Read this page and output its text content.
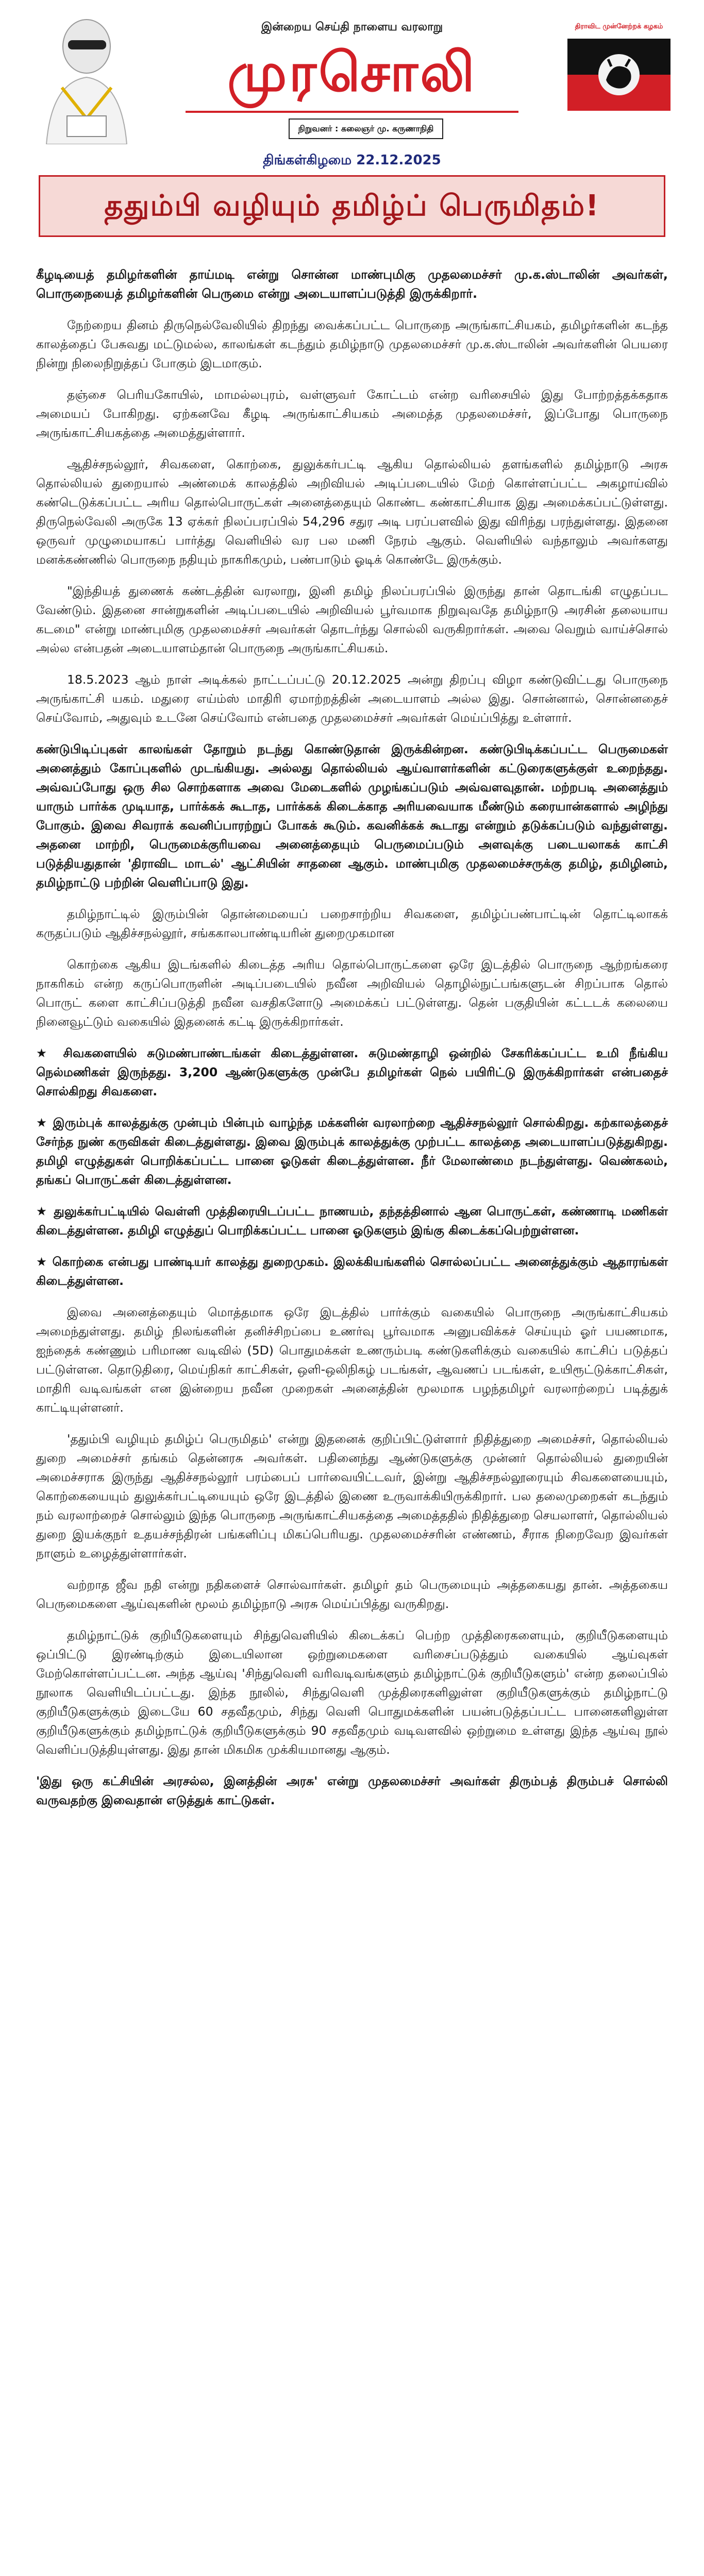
இன்றைய செய்தி நாளைய வரலாறு
முரசொலி
நிறுவனர் : கலைஞர் மு. கருணாநிதி
திராவிட முன்னேற்றக் கழகம்
திங்கள்கிழமை 22.12.2025
ததும்பி வழியும் தமிழ்ப் பெருமிதம்!

கீழடியைத் தமிழர்களின் தாய்மடி என்று சொன்ன மாண்புமிகு முதலமைச்சர் மு.க.ஸ்டாலின் அவர்கள், பொருநையைத் தமிழர்களின் பெருமை என்று அடையாளப்படுத்தி இருக்கிறார்.

நேற்றைய தினம் திருநெல்வேலியில் திறந்து வைக்கப்பட்ட பொருநை அருங்காட்சியகம், தமிழர்களின் கடந்த காலத்தைப் பேசுவது மட்டுமல்ல, காலங்கள் கடந்தும் தமிழ்நாடு முதலமைச்சர் மு.க.ஸ்டாலின் அவர்களின் பெயரை நின்று நிலைநிறுத்தப் போகும் இடமாகும்.

தஞ்சை பெரியகோயில், மாமல்லபுரம், வள்ளுவர் கோட்டம் என்ற வரிசையில் இது போற்றத்தக்கதாக அமையப் போகிறது. ஏற்கனவே கீழடி அருங்காட்சியகம் அமைத்த முதலமைச்சர், இப்போது பொருநை அருங்காட்சியகத்தை அமைத்துள்ளார்.

ஆதிச்சநல்லூர், சிவகளை, கொற்கை, துலுக்கர்பட்டி ஆகிய தொல்லியல் தளங்களில் தமிழ்நாடு அரசு தொல்லியல் துறையால் அண்மைக் காலத்தில் அறிவியல் அடிப்படையில் மேற் கொள்ளப்பட்ட அகழாய்வில் கண்டெடுக்கப்பட்ட அரிய தொல்பொருட்கள் அனைத்தையும் கொண்ட கண்காட்சியாக இது அமைக்கப்பட்டுள்ளது. திருநெல்வேலி அருகே 13 ஏக்கர் நிலப்பரப்பில் 54,296 சதுர அடி பரப்பளவில் இது விரிந்து பரந்துள்ளது. இதனை ஒருவர் முழுமையாகப் பார்த்து வெளியில் வர பல மணி நேரம் ஆகும். வெளியில் வந்தாலும் அவர்களது மனக்கண்ணில் பொருநை நதியும் நாகரிகமும், பண்பாடும் ஓடிக் கொண்டே இருக்கும்.

"இந்தியத் துணைக் கண்டத்தின் வரலாறு, இனி தமிழ் நிலப்பரப்பில் இருந்து தான் தொடங்கி எழுதப்பட வேண்டும். இதனை சான்றுகளின் அடிப்படையில் அறிவியல் பூர்வமாக நிறுவுவதே தமிழ்நாடு அரசின் தலையாய கடமை" என்று மாண்புமிகு முதலமைச்சர் அவர்கள் தொடர்ந்து சொல்லி வருகிறார்கள். அவை வெறும் வாய்ச்சொல் அல்ல என்பதன் அடையாளம்தான் பொருநை அருங்காட்சியகம்.

18.5.2023 ஆம் நாள் அடிக்கல் நாட்டப்பட்டு 20.12.2025 அன்று திறப்பு விழா கண்டுவிட்டது பொருநை அருங்காட்சி யகம். மதுரை எய்ம்ஸ் மாதிரி ஏமாற்றத்தின் அடையாளம் அல்ல இது. சொன்னால், சொன்னதைச் செய்வோம், அதுவும் உடனே செய்வோம் என்பதை முதலமைச்சர் அவர்கள் மெய்ப்பித்து உள்ளார்.

கண்டுபிடிப்புகள் காலங்கள் தோறும் நடந்து கொண்டுதான் இருக்கின்றன. கண்டுபிடிக்கப்பட்ட பெருமைகள் அனைத்தும் கோப்புகளில் முடங்கியது. அல்லது தொல்லியல் ஆய்வாளர்களின் கட்டுரைகளுக்குள் உறைந்தது. அவ்வப்போது ஒரு சில சொற்களாக அவை மேடைகளில் முழங்கப்படும் அவ்வளவுதான். மற்றபடி அனைத்தும் யாரும் பார்க்க முடியாத, பார்க்கக் கூடாத, பார்க்கக் கிடைக்காத அரியவையாக மீண்டும் கரையான்களால் அழிந்து போகும். இவை சிவராக் கவனிப்பாரற்றுப் போகக் கூடும். கவனிக்கக் கூடாது என்றும் தடுக்கப்படும் வந்துள்ளது. அதனை மாற்றி, பெருமைக்குரியவை அனைத்தையும் பெருமைப்படும் அளவுக்கு படையலாகக் காட்சி படுத்தியதுதான் 'திராவிட மாடல்' ஆட்சியின் சாதனை ஆகும். மாண்புமிகு முதலமைச்சருக்கு தமிழ், தமிழினம், தமிழ்நாட்டு பற்றின் வெளிப்பாடு இது.

தமிழ்நாட்டில் இரும்பின் தொன்மையைப் பறைசாற்றிய சிவகளை, தமிழ்ப்பண்பாட்டின் தொட்டிலாகக் கருதப்படும் ஆதிச்சநல்லூர், சங்ககாலபாண்டியரின் துறைமுகமான

கொற்கை ஆகிய இடங்களில் கிடைத்த அரிய தொல்பொருட்களை ஒரே இடத்தில் பொருநை ஆற்றங்கரை நாகரிகம் என்ற கருப்பொருளின் அடிப்படையில் நவீன அறிவியல் தொழில்நுட்பங்களுடன் சிறப்பாக தொல் பொருட் களை காட்சிப்படுத்தி நவீன வசதிகளோடு அமைக்கப் பட்டுள்ளது. தென் பகுதியின் கட்டடக் கலையை நினைவூட்டும் வகையில் இதனைக் கட்டி இருக்கிறார்கள்.

★ சிவகளையில் சுடுமண்பாண்டங்கள் கிடைத்துள்ளன. சுடுமண்தாழி ஒன்றில் சேகரிக்கப்பட்ட உமி நீங்கிய நெல்மணிகள் இருந்தது. 3,200 ஆண்டுகளுக்கு முன்பே தமிழர்கள் நெல் பயிரிட்டு இருக்கிறார்கள் என்பதைச் சொல்கிறது சிவகளை.

★ இரும்புக் காலத்துக்கு முன்பும் பின்பும் வாழ்ந்த மக்களின் வரலாற்றை ஆதிச்சநல்லூர் சொல்கிறது. கற்காலத்தைச் சேர்ந்த நுண் கருவிகள் கிடைத்துள்ளது. இவை இரும்புக் காலத்துக்கு முற்பட்ட காலத்தை அடையாளப்படுத்துகிறது. தமிழி எழுத்துகள் பொறிக்கப்பட்ட பானை ஓடுகள் கிடைத்துள்ளன. நீர் மேலாண்மை நடந்துள்ளது. வெண்கலம், தங்கப் பொருட்கள் கிடைத்துள்ளன.

★ துலுக்கர்பட்டியில் வெள்ளி முத்திரையிடப்பட்ட நாணயம், தந்தத்தினால் ஆன பொருட்கள், கண்ணாடி மணிகள் கிடைத்துள்ளன. தமிழி எழுத்துப் பொறிக்கப்பட்ட பானை ஓடுகளும் இங்கு கிடைக்கப்பெற்றுள்ளன.

★ கொற்கை என்பது பாண்டியர் காலத்து துறைமுகம். இலக்கியங்களில் சொல்லப்பட்ட அனைத்துக்கும் ஆதாரங்கள் கிடைத்துள்ளன.

இவை அனைத்தையும் மொத்தமாக ஒரே இடத்தில் பார்க்கும் வகையில் பொருநை அருங்காட்சியகம் அமைந்துள்ளது. தமிழ் நிலங்களின் தனிச்சிறப்பை உணர்வு பூர்வமாக அனுபவிக்கச் செய்யும் ஓர் பயணமாக, ஐந்தைக் கண்ணும் பரிமாண வடிவில் (5D) பொதுமக்கள் உணரும்படி கண்டுகளிக்கும் வகையில் காட்சிப் படுத்தப் பட்டுள்ளன. தொடுதிரை, மெய்நிகர் காட்சிகள், ஒளி-ஒலிநிகழ் படங்கள், ஆவணப் படங்கள், உயிரூட்டுக்காட்சிகள், மாதிரி வடிவங்கள் என இன்றைய நவீன முறைகள் அனைத்தின் மூலமாக பழந்தமிழர் வரலாற்றைப் படித்துக் காட்டியுள்ளனர்.

'ததும்பி வழியும் தமிழ்ப் பெருமிதம்' என்று இதனைக் குறிப்பிட்டுள்ளார் நிதித்துறை அமைச்சர், தொல்லியல் துறை அமைச்சர் தங்கம் தென்னரசு அவர்கள். பதினைந்து ஆண்டுகளுக்கு முன்னர் தொல்லியல் துறையின் அமைச்சராக இருந்து ஆதிச்சநல்லூர் பரம்பைப் பார்வையிட்டவர், இன்று ஆதிச்சநல்லூரையும் சிவகளையையும், கொற்கையையும் துலுக்கர்பட்டியையும் ஒரே இடத்தில் இணை உருவாக்கியிருக்கிறார். பல தலைமுறைகள் கடந்தும் நம் வரலாற்றைச் சொல்லும் இந்த பொருநை அருங்காட்சியகத்தை அமைத்ததில் நிதித்துறை செயலாளர், தொல்லியல் துறை இயக்குநர் உதயச்சந்திரன் பங்களிப்பு மிகப்பெரியது. முதலமைச்சரின் எண்ணம், சீராக நிறைவேற இவர்கள் நாளும் உழைத்துள்ளார்கள்.

வற்றாத ஜீவ நதி என்று நதிகளைச் சொல்வார்கள். தமிழர் தம் பெருமையும் அத்தகையது தான். அத்தகைய பெருமைகளை ஆய்வுகளின் மூலம் தமிழ்நாடு அரசு மெய்ப்பித்து வருகிறது.

தமிழ்நாட்டுக் குறியீடுகளையும் சிந்துவெளியில் கிடைக்கப் பெற்ற முத்திரைகளையும், குறியீடுகளையும் ஒப்பிட்டு இரண்டிற்கும் இடையிலான ஒற்றுமைகளை வரிசைப்படுத்தும் வகையில் ஆய்வுகள் மேற்கொள்ளப்பட்டன. அந்த ஆய்வு 'சிந்துவெளி வரிவடிவங்களும் தமிழ்நாட்டுக் குறியீடுகளும்' என்ற தலைப்பில் நூலாக வெளியிடப்பட்டது. இந்த நூலில், சிந்துவெளி முத்திரைகளிலுள்ள குறியீடுகளுக்கும் தமிழ்நாட்டு குறியீடுகளுக்கும் இடையே 60 சதவீதமும், சிந்து வெளி பொதுமக்களின் பயன்படுத்தப்பட்ட பானைகளிலுள்ள குறியீடுகளுக்கும் தமிழ்நாட்டுக் குறியீடுகளுக்கும் 90 சதவீதமும் வடிவளவில் ஒற்றுமை உள்ளது இந்த ஆய்வு நூல் வெளிப்படுத்தியுள்ளது. இது தான் மிகமிக முக்கியமானது ஆகும்.

'இது ஒரு கட்சியின் அரசல்ல, இனத்தின் அரசு' என்று முதலமைச்சர் அவர்கள் திரும்பத் திரும்பச் சொல்லி வருவதற்கு இவைதான் எடுத்துக் காட்டுகள்.
